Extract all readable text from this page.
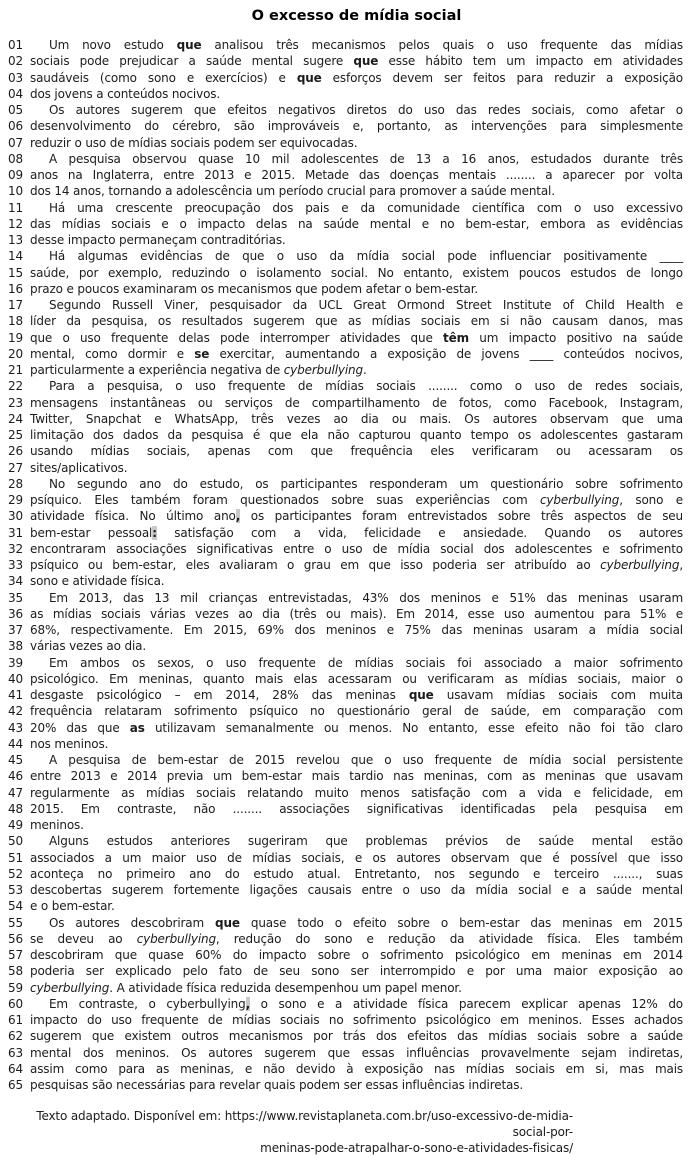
O excesso de mídia social
01	Um novo estudo que analisou três mecanismos pelos quais o uso frequente das mídias
02 sociais pode prejudicar a saúde mental sugere que esse hábito tem um impacto em atividades
03 saudáveis (como sono e exercícios) e que esforços devem ser feitos para reduzir a exposição
04 dos jovens a conteúdos nocivos.
05	Os autores sugerem que efeitos negativos diretos do uso das redes sociais, como afetar o
06 desenvolvimento do cérebro, são improváveis e, portanto, as intervenções para simplesmente
07 reduzir o uso de mídias sociais podem ser equivocadas.
08	A pesquisa observou quase 10 mil adolescentes de 13 a 16 anos, estudados durante três
09 anos na Inglaterra, entre 2013 e 2015. Metade das doenças mentais ........ a aparecer por volta
10 dos 14 anos, tornando a adolescência um período crucial para promover a saúde mental.
11	Há uma crescente preocupação dos pais e da comunidade científica com o uso excessivo
12 das mídias sociais e o impacto delas na saúde mental e no bem-estar, embora as evidências
13 desse impacto permaneçam contraditórias.
14	Há algumas evidências de que o uso da mídia social pode influenciar positivamente ____
15 saúde, por exemplo, reduzindo o isolamento social. No entanto, existem poucos estudos de longo
16 prazo e poucos examinaram os mecanismos que podem afetar o bem-estar.
17	Segundo Russell Viner, pesquisador da UCL Great Ormond Street Institute of Child Health e
18 líder da pesquisa, os resultados sugerem que as mídias sociais em si não causam danos, mas
19 que o uso frequente delas pode interromper atividades que têm um impacto positivo na saúde
20 mental, como dormir e se exercitar, aumentando a exposição de jovens ____ conteúdos nocivos,
21 particularmente a experiência negativa de cyberbullying.
22	Para a pesquisa, o uso frequente de mídias sociais ........ como o uso de redes sociais,
23 mensagens instantâneas ou serviços de compartilhamento de fotos, como Facebook, Instagram,
24 Twitter, Snapchat e WhatsApp, três vezes ao dia ou mais. Os autores observam que uma
25 limitação dos dados da pesquisa é que ela não capturou quanto tempo os adolescentes gastaram
26 usando mídias sociais, apenas com que frequência eles verificaram ou acessaram os
27 sites/aplicativos.
28	No segundo ano do estudo, os participantes responderam um questionário sobre sofrimento
29 psíquico. Eles também foram questionados sobre suas experiências com cyberbullying, sono e
30 atividade física. No último ano, os participantes foram entrevistados sobre três aspectos de seu
31 bem-estar pessoal: satisfação com a vida, felicidade e ansiedade. Quando os autores
32 encontraram associações significativas entre o uso de mídia social dos adolescentes e sofrimento
33 psíquico ou bem-estar, eles avaliaram o grau em que isso poderia ser atribuído ao cyberbullying,
34 sono e atividade física.
35	Em 2013, das 13 mil crianças entrevistadas, 43% dos meninos e 51% das meninas usaram
36 as mídias sociais várias vezes ao dia (três ou mais). Em 2014, esse uso aumentou para 51% e
37 68%, respectivamente. Em 2015, 69% dos meninos e 75% das meninas usaram a mídia social
38 várias vezes ao dia.
39	Em ambos os sexos, o uso frequente de mídias sociais foi associado a maior sofrimento
40 psicológico. Em meninas, quanto mais elas acessaram ou verificaram as mídias sociais, maior o
41 desgaste psicológico – em 2014, 28% das meninas que usavam mídias sociais com muita
42 frequência relataram sofrimento psíquico no questionário geral de saúde, em comparação com
43 20% das que as utilizavam semanalmente ou menos. No entanto, esse efeito não foi tão claro
44 nos meninos.
45	A pesquisa de bem-estar de 2015 revelou que o uso frequente de mídia social persistente
46 entre 2013 e 2014 previa um bem-estar mais tardio nas meninas, com as meninas que usavam
47 regularmente as mídias sociais relatando muito menos satisfação com a vida e felicidade, em
48 2015. Em contraste, não ........ associações significativas identificadas pela pesquisa em
49 meninos.
50	Alguns estudos anteriores sugeriram que problemas prévios de saúde mental estão
51 associados a um maior uso de mídias sociais, e os autores observam que é possível que isso
52 aconteça no primeiro ano do estudo atual. Entretanto, nos segundo e terceiro ......., suas
53 descobertas sugerem fortemente ligações causais entre o uso da mídia social e a saúde mental
54 e o bem-estar.
55	Os autores descobriram que quase todo o efeito sobre o bem-estar das meninas em 2015
56 se deveu ao cyberbullying, redução do sono e redução da atividade física. Eles também
57 descobriram que quase 60% do impacto sobre o sofrimento psicológico em meninas em 2014
58 poderia ser explicado pelo fato de seu sono ser interrompido e por uma maior exposição ao
59 cyberbullying. A atividade física reduzida desempenhou um papel menor.
60	Em contraste, o cyberbullying, o sono e a atividade física parecem explicar apenas 12% do
61 impacto do uso frequente de mídias sociais no sofrimento psicológico em meninos. Esses achados
62 sugerem que existem outros mecanismos por trás dos efeitos das mídias sociais sobre a saúde
63 mental dos meninos. Os autores sugerem que essas influências provavelmente sejam indiretas,
64 assim como para as meninas, e não devido à exposição nas mídias sociais em si, mas mais
65 pesquisas são necessárias para revelar quais podem ser essas influências indiretas.
Texto adaptado. Disponível em: https://www.revistaplaneta.com.br/uso-excessivo-de-midia-social-por-
meninas-pode-atrapalhar-o-sono-e-atividades-fisicas/
